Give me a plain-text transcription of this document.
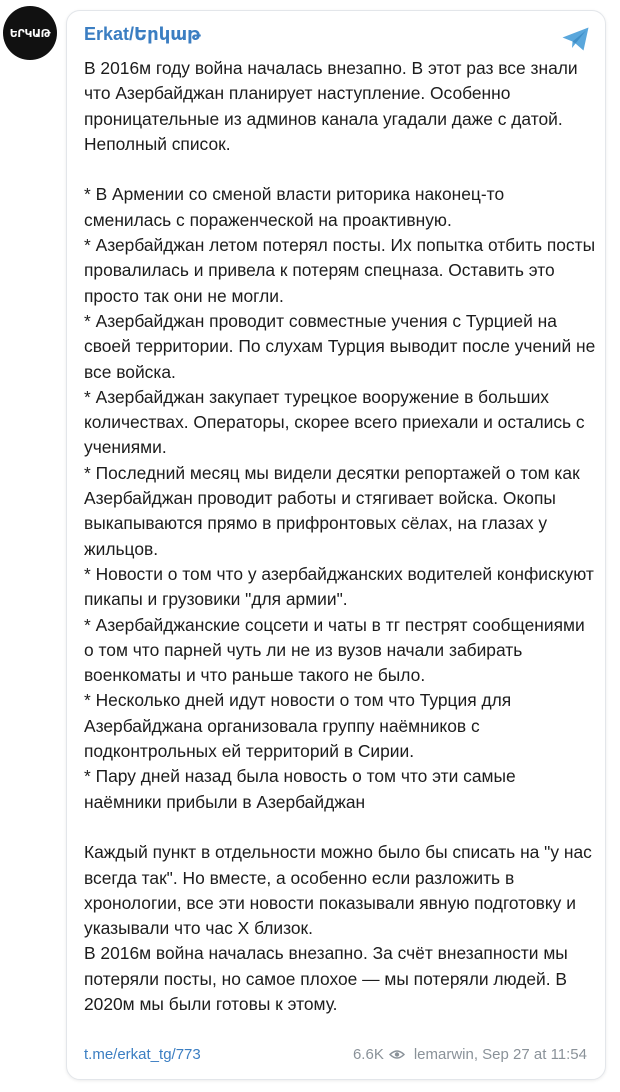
ԵՐԿԱԹ Erkat/Երկաթ
В 2016м году война началась внезапно. В этот раз все знали что Азербайджан планирует наступление. Особенно проницательные из админов канала угадали даже с датой. Неполный список.

* В Армении со сменой власти риторика наконец-то сменилась с пораженческой на проактивную.
* Азербайджан летом потерял посты. Их попытка отбить посты провалилась и привела к потерям спецназа. Оставить это просто так они не могли.
* Азербайджан проводит совместные учения с Турцией на своей территории. По слухам Турция выводит после учений не все войска.
* Азербайджан закупает турецкое вооружение в больших количествах. Операторы, скорее всего приехали и остались с учениями.
* Последний месяц мы видели десятки репортажей о том как Азербайджан проводит работы и стягивает войска. Окопы выкапываются прямо в прифронтовых сёлах, на глазах у жильцов.
* Новости о том что у азербайджанских водителей конфискуют пикапы и грузовики "для армии".
* Азербайджанские соцсети и чаты в тг пестрят сообщениями о том что парней чуть ли не из вузов начали забирать военкоматы и что раньше такого не было.
* Несколько дней идут новости о том что Турция для Азербайджана организовала группу наёмников с подконтрольных ей территорий в Сирии.
* Пару дней назад была новость о том что эти самые наёмники прибыли в Азербайджан

Каждый пункт в отдельности можно было бы списать на "у нас всегда так". Но вместе, а особенно если разложить в хронологии, все эти новости показывали явную подготовку и указывали что час Х близок.
В 2016м война началась внезапно. За счёт внезапности мы потеряли посты, но самое плохое — мы потеряли людей. В 2020м мы были готовы к этому.
t.me/erkat_tg/773	6.6K lemarwin, Sep 27 at 11:54
